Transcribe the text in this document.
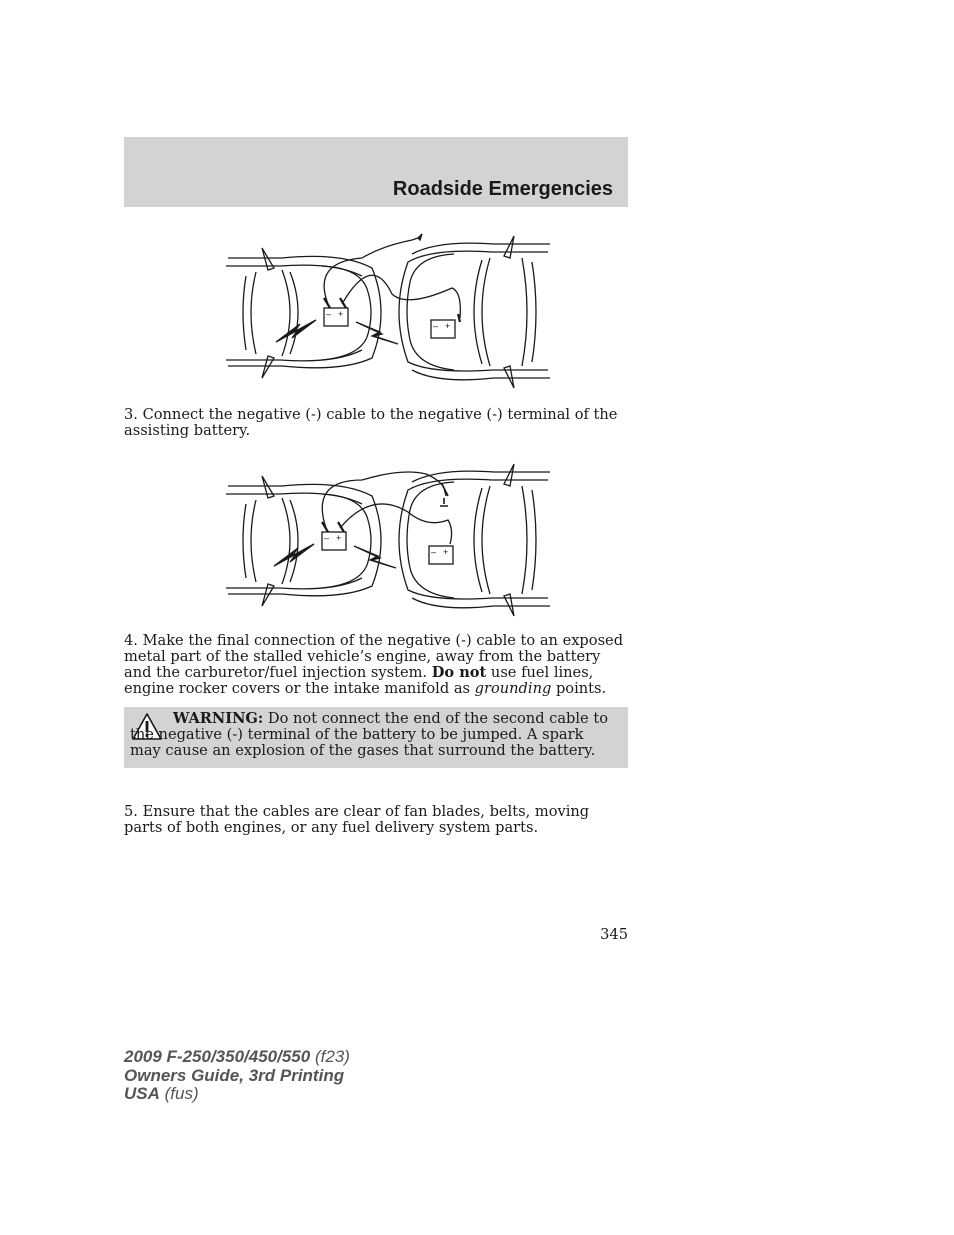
Roadside Emergencies
– +
– +

3. Connect the negative (-) cable to the negative (-) terminal of the assisting battery.

– +
– +

4. Make the final connection of the negative (-) cable to an exposed metal part of the stalled vehicle’s engine, away from the battery and the carburetor/fuel injection system. Do not use fuel lines, engine rocker covers or the intake manifold as grounding points.

WARNING: Do not connect the end of the second cable to the negative (-) terminal of the battery to be jumped. A spark may cause an explosion of the gases that surround the battery.

5. Ensure that the cables are clear of fan blades, belts, moving parts of both engines, or any fuel delivery system parts.

345

2009 F-250/350/450/550 (f23)
Owners Guide, 3rd Printing
USA (fus)
